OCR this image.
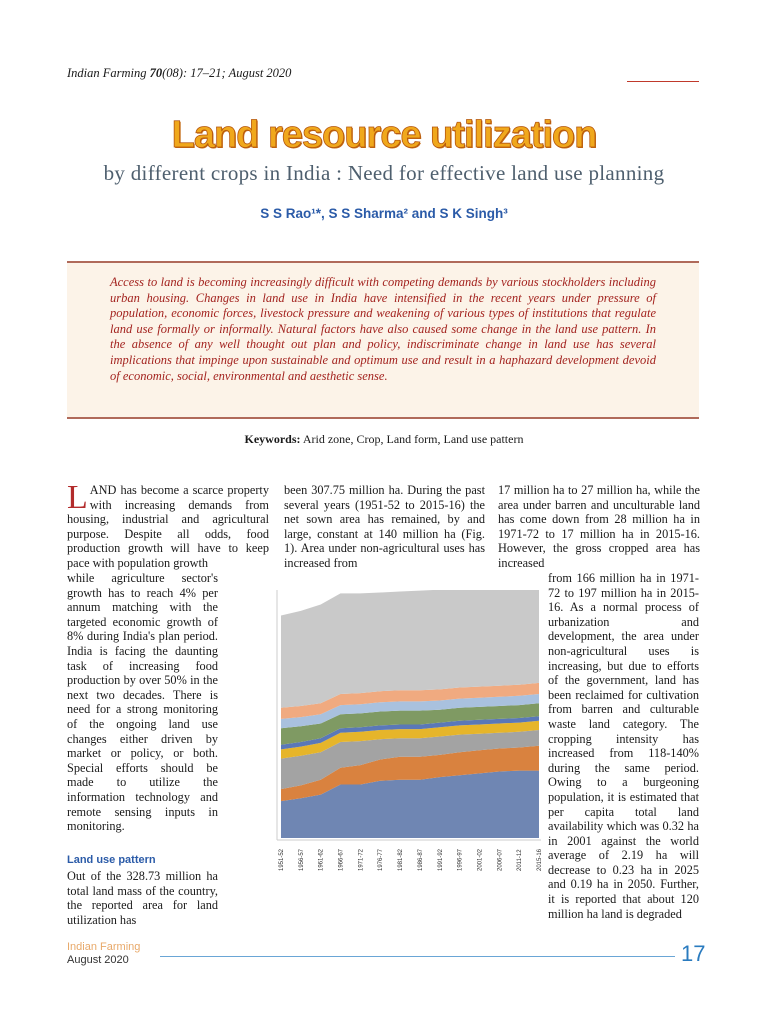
Indian Farming 70(08): 17–21; August 2020
Land resource utilization
by different crops in India : Need for effective land use planning
S S Rao¹*, S S Sharma² and S K Singh³
Access to land is becoming increasingly difficult with competing demands by various stockholders including urban housing. Changes in land use in India have intensified in the recent years under pressure of population, economic forces, livestock pressure and weakening of various types of institutions that regulate land use formally or informally. Natural factors have also caused some change in the land use pattern. In the absence of any well thought out plan and policy, indiscriminate change in land use has several implications that impinge upon sustainable and optimum use and result in a haphazard development devoid of economic, social, environmental and aesthetic sense.
Keywords: Arid zone, Crop, Land form, Land use pattern
LAND has become a scarce property with increasing demands from housing, industrial and agricultural purpose. Despite all odds, food production growth will have to keep pace with population growth
while agriculture sector's growth has to reach 4% per annum matching with the targeted economic growth of 8% during India's plan period. India is facing the daunting task of increasing food production by over 50% in the next two decades. There is need for a strong monitoring of the ongoing land use changes either driven by market or policy, or both. Special efforts should be made to utilize the information technology and remote sensing inputs in monitoring.
Land use pattern
Out of the 328.73 million ha total land mass of the country, the reported area for land utilization has
been 307.75 million ha. During the past several years (1951-52 to 2015-16) the net sown area has remained, by and large, constant at 140 million ha (Fig. 1). Area under non-agricultural uses has increased from
17 million ha to 27 million ha, while the area under barren and unculturable land has come down from 28 million ha in 1971-72 to 17 million ha in 2015-16. However, the gross cropped area has increased
from 166 million ha in 1971-72 to 197 million ha in 2015-16. As a normal process of urbanization and development, the area under non-agricultural uses is increasing, but due to efforts of the government, land has been reclaimed for cultivation from barren and culturable waste land category. The cropping intensity has increased from 118-140% during the same period. Owing to a burgeoning population, it is estimated that per capita total land availability which was 0.32 ha in 2001 against the world average of 2.19 ha will decrease to 0.23 ha in 2025 and 0.19 ha in 2050. Further, it is reported that about 120 million ha land is degraded
1951-52 1956-57 1961-62 1966-67 1971-72 1976-77 1981-82 1986-87 1991-92 1996-97 2001-02 2006-07 2011-12 2015-16
Indian Farming
August 2020	17
